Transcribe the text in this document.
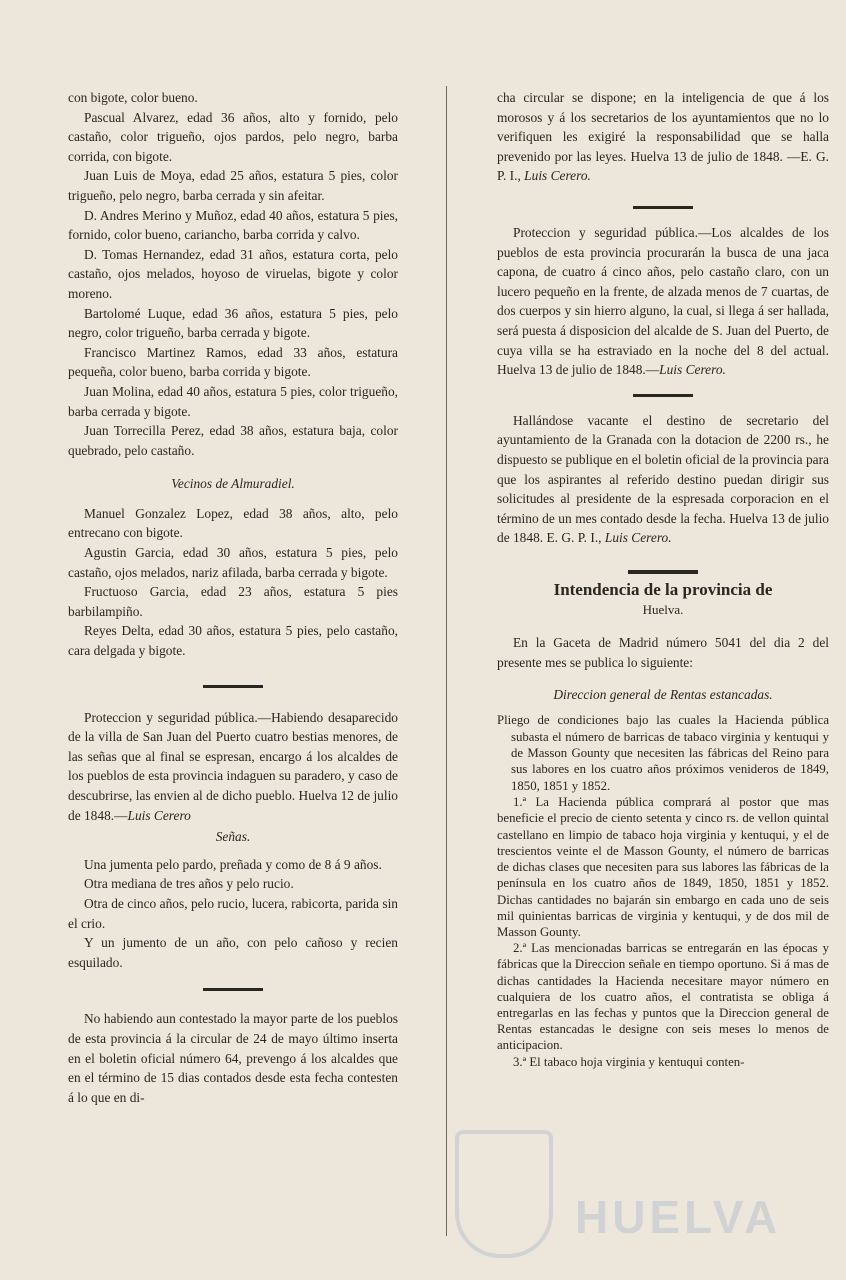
con bigote, color bueno.

Pascual Alvarez, edad 36 años, alto y fornido, pelo castaño, color trigueño, ojos pardos, pelo negro, barba corrida, con bigote.

Juan Luis de Moya, edad 25 años, estatura 5 pies, color trigueño, pelo negro, barba cerrada y sin afeitar.

D. Andres Merino y Muñoz, edad 40 años, estatura 5 pies, fornido, color bueno, cariancho, barba corrida y calvo.

D. Tomas Hernandez, edad 31 años, estatura corta, pelo castaño, ojos melados, hoyoso de viruelas, bigote y color moreno.

Bartolomé Luque, edad 36 años, estatura 5 pies, pelo negro, color trigueño, barba cerrada y bigote.

Francisco Martinez Ramos, edad 33 años, estatura pequeña, color bueno, barba corrida y bigote.

Juan Molina, edad 40 años, estatura 5 pies, color trigueño, barba cerrada y bigote.

Juan Torrecilla Perez, edad 38 años, estatura baja, color quebrado, pelo castaño.

Vecinos de Almuradiel.

Manuel Gonzalez Lopez, edad 38 años, alto, pelo entrecano con bigote.

Agustin Garcia, edad 30 años, estatura 5 pies, pelo castaño, ojos melados, nariz afilada, barba cerrada y bigote.

Fructuoso Garcia, edad 23 años, estatura 5 pies barbilampiño.

Reyes Delta, edad 30 años, estatura 5 pies, pelo castaño, cara delgada y bigote.

Proteccion y seguridad pública.—Habiendo desaparecido de la villa de San Juan del Puerto cuatro bestias menores, de las señas que al final se espresan, encargo á los alcaldes de los pueblos de esta provincia indaguen su paradero, y caso de descubrirse, las envien al de dicho pueblo. Huelva 12 de julio de 1848.—Luis Cerero

Señas.

Una jumenta pelo pardo, preñada y como de 8 á 9 años.

Otra mediana de tres años y pelo rucio.

Otra de cinco años, pelo rucio, lucera, rabicorta, parida sin el crio.

Y un jumento de un año, con pelo cañoso y recien esquilado.

No habiendo aun contestado la mayor parte de los pueblos de esta provincia á la circular de 24 de mayo último inserta en el boletin oficial número 64, prevengo á los alcaldes que en el término de 15 dias contados desde esta fecha contesten á lo que en di-

cha circular se dispone; en la inteligencia de que á los morosos y á los secretarios de los ayuntamientos que no lo verifiquen les exigiré la responsabilidad que se halla prevenido por las leyes. Huelva 13 de julio de 1848. —E. G. P. I., Luis Cerero.

Proteccion y seguridad pública.—Los alcaldes de los pueblos de esta provincia procurarán la busca de una jaca capona, de cuatro á cinco años, pelo castaño claro, con un lucero pequeño en la frente, de alzada menos de 7 cuartas, de dos cuerpos y sin hierro alguno, la cual, si llega á ser hallada, será puesta á disposicion del alcalde de S. Juan del Puerto, de cuya villa se ha estraviado en la noche del 8 del actual. Huelva 13 de julio de 1848.—Luis Cerero.

Hallándose vacante el destino de secretario del ayuntamiento de la Granada con la dotacion de 2200 rs., he dispuesto se publique en el boletin oficial de la provincia para que los aspirantes al referido destino puedan dirigir sus solicitudes al presidente de la espresada corporacion en el término de un mes contado desde la fecha. Huelva 13 de julio de 1848. E. G. P. I., Luis Cerero.

Intendencia de la provincia de

Huelva.

En la Gaceta de Madrid número 5041 del dia 2 del presente mes se publica lo siguiente:

Direccion general de Rentas estancadas.

Pliego de condiciones bajo las cuales la Hacienda pública subasta el número de barricas de tabaco virginia y kentuqui y de Masson Gounty que necesiten las fábricas del Reino para sus labores en los cuatro años próximos venideros de 1849, 1850, 1851 y 1852.

1.ª La Hacienda pública comprará al postor que mas beneficie el precio de ciento setenta y cinco rs. de vellon quintal castellano en limpio de tabaco hoja virginia y kentuqui, y el de trescientos veinte el de Masson Gounty, el número de barricas de dichas clases que necesiten para sus labores las fábricas de la península en los cuatro años de 1849, 1850, 1851 y 1852. Dichas cantidades no bajarán sin embargo en cada uno de seis mil quinientas barricas de virginia y kentuqui, y de dos mil de Masson Gounty.

2.ª Las mencionadas barricas se entregarán en las épocas y fábricas que la Direccion señale en tiempo oportuno. Si á mas de dichas cantidades la Hacienda necesitare mayor número en cualquiera de los cuatro años, el contratista se obliga á entregarlas en las fechas y puntos que la Direccion general de Rentas estancadas le designe con seis meses lo menos de anticipacion.

3.ª El tabaco hoja virginia y kentuqui conten-

HUELVA
